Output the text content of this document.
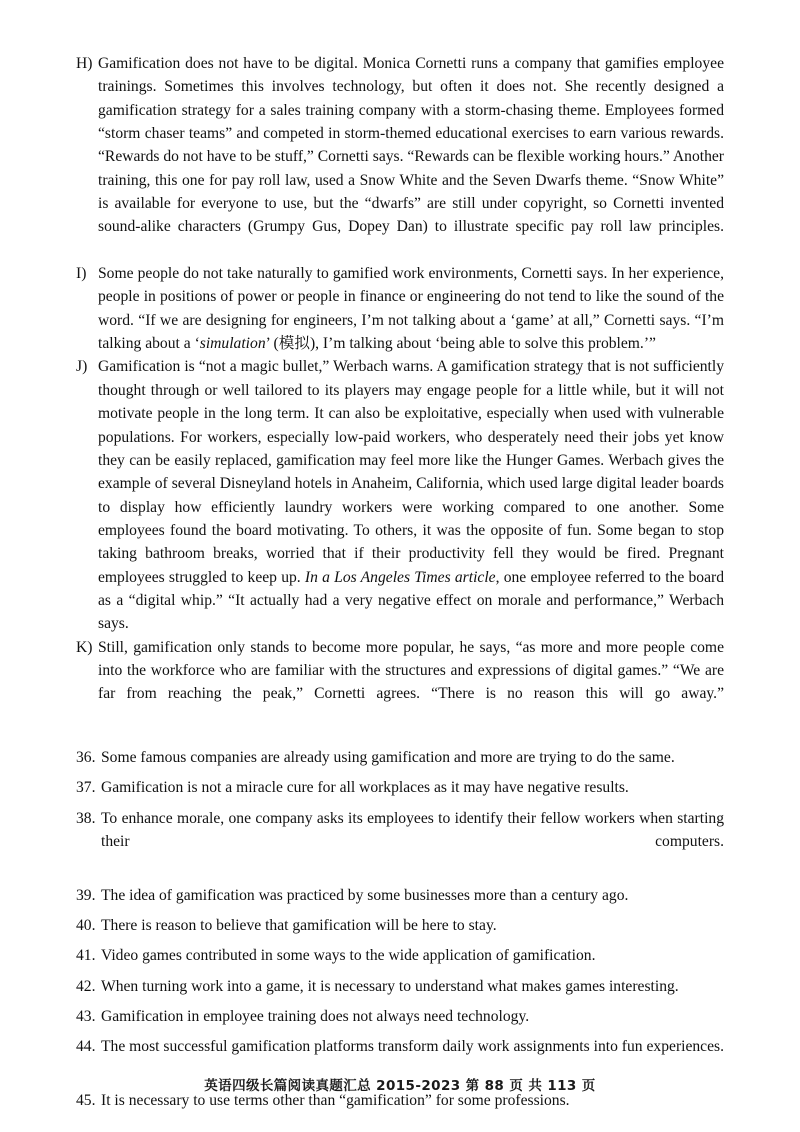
H) Gamification does not have to be digital. Monica Cornetti runs a company that gamifies employee trainings. Sometimes this involves technology, but often it does not. She recently designed a gamification strategy for a sales training company with a storm-chasing theme. Employees formed “storm chaser teams” and competed in storm-themed educational exercises to earn various rewards. “Rewards do not have to be stuff,” Cornetti says. “Rewards can be flexible working hours.” Another training, this one for pay roll law, used a Snow White and the Seven Dwarfs theme. “Snow White” is available for everyone to use, but the “dwarfs” are still under copyright, so Cornetti invented sound-alike characters (Grumpy Gus, Dopey Dan) to illustrate specific pay roll law principles.
I) Some people do not take naturally to gamified work environments, Cornetti says. In her experience, people in positions of power or people in finance or engineering do not tend to like the sound of the word. “If we are designing for engineers, I’m not talking about a ‘game’ at all,” Cornetti says. “I’m talking about a ‘simulation’ (模拟), I’m talking about ‘being able to solve this problem.’”
J) Gamification is “not a magic bullet,” Werbach warns. A gamification strategy that is not sufficiently thought through or well tailored to its players may engage people for a little while, but it will not motivate people in the long term. It can also be exploitative, especially when used with vulnerable populations. For workers, especially low-paid workers, who desperately need their jobs yet know they can be easily replaced, gamification may feel more like the Hunger Games. Werbach gives the example of several Disneyland hotels in Anaheim, California, which used large digital leader boards to display how efficiently laundry workers were working compared to one another. Some employees found the board motivating. To others, it was the opposite of fun. Some began to stop taking bathroom breaks, worried that if their productivity fell they would be fired. Pregnant employees struggled to keep up. In a Los Angeles Times article, one employee referred to the board as a “digital whip.” “It actually had a very negative effect on morale and performance,” Werbach says.
K) Still, gamification only stands to become more popular, he says, “as more and more people come into the workforce who are familiar with the structures and expressions of digital games.” “We are far from reaching the peak,” Cornetti agrees. “There is no reason this will go away.”
36. Some famous companies are already using gamification and more are trying to do the same.
37. Gamification is not a miracle cure for all workplaces as it may have negative results.
38. To enhance morale, one company asks its employees to identify their fellow workers when starting their computers.
39. The idea of gamification was practiced by some businesses more than a century ago.
40. There is reason to believe that gamification will be here to stay.
41. Video games contributed in some ways to the wide application of gamification.
42. When turning work into a game, it is necessary to understand what makes games interesting.
43. Gamification in employee training does not always need technology.
44. The most successful gamification platforms transform daily work assignments into fun experiences.
45. It is necessary to use terms other than “gamification” for some professions.
英语四级长篇阅读真题汇总 2015-2023 第 88 页 共 113 页
